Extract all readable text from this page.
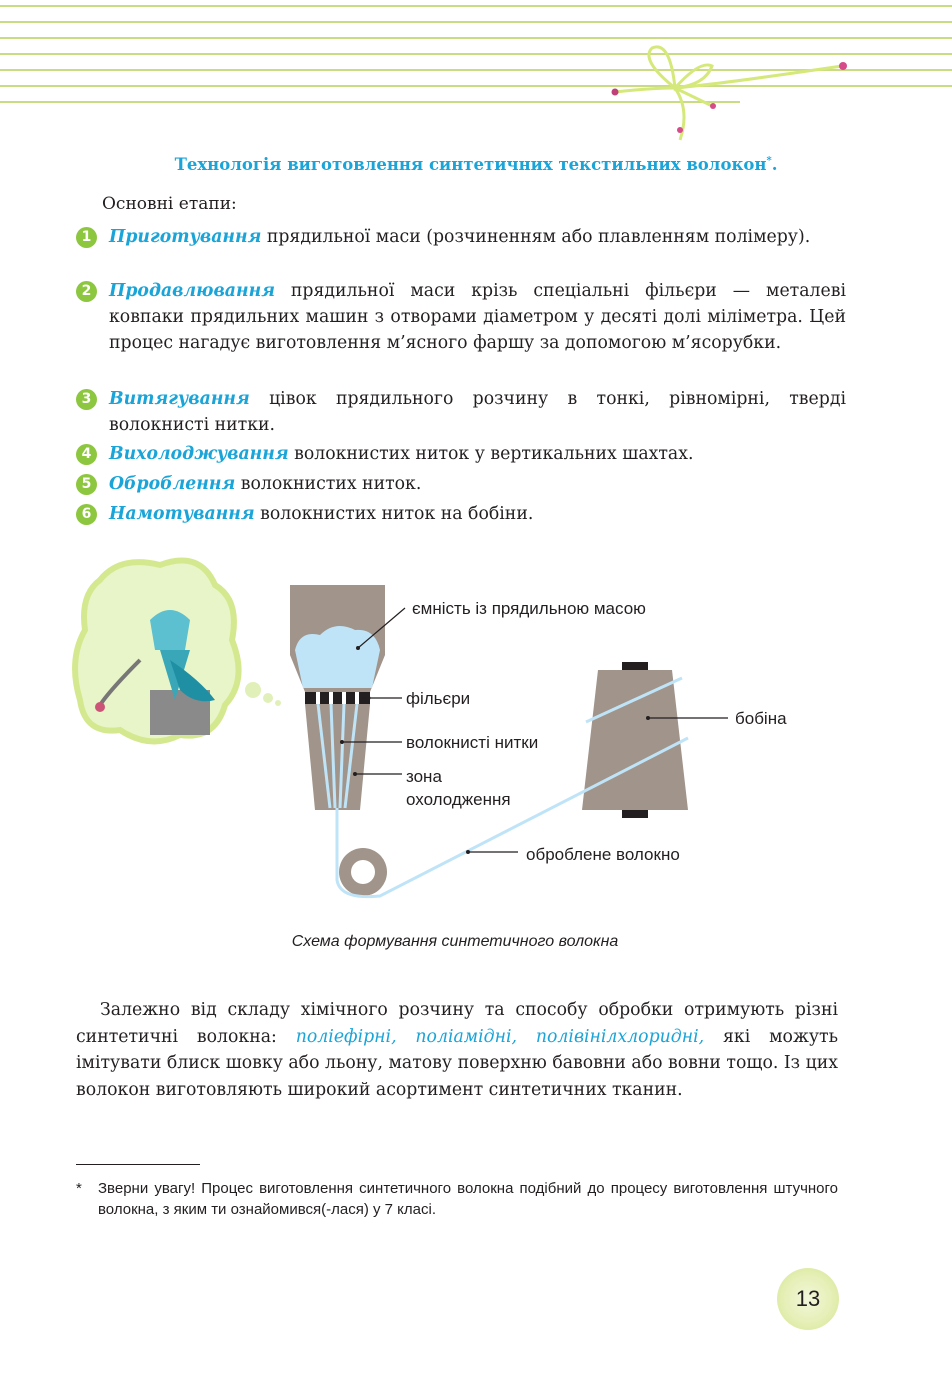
Технологія виготовлення синтетичних текстильних волокон*.
Основні етапи:
1	Приготування прядильної маси (розчиненням або плавленням полімеру).
2	Продавлювання прядильної маси крізь спеціальні фільєри — металеві ковпаки прядильних машин з отворами діаметром у десяті долі міліметра. Цей процес нагадує виготовлення м’ясного фаршу за допомогою м’ясорубки.
3	Витягування цівок прядильного розчину в тонкі, рівномірні, тверді волокнисті нитки.
4	Вихолоджування волокнистих ниток у вертикальних шахтах.
5	Оброблення волокнистих ниток.
6	Намотування волокнистих ниток на бобіни.
ємність із прядильною масою
фільєри
волокнисті нитки
зона
охолодження
бобіна
оброблене волокно
Схема формування синтетичного волокна
Залежно від складу хімічного розчину та способу обробки отримують різні синтетичні волокна: поліефірні, поліамідні, полівінілхлоридні, які можуть імітувати блиск шовку або льону, матову поверхню бавовни або вовни тощо. Із цих волокон виготовляють широкий асортимент синтетичних тканин.
* Зверни увагу! Процес виготовлення синтетичного волокна подібний до процесу виготовлення штучного волокна, з яким ти ознайомився(-лася) у 7 класі.
13
